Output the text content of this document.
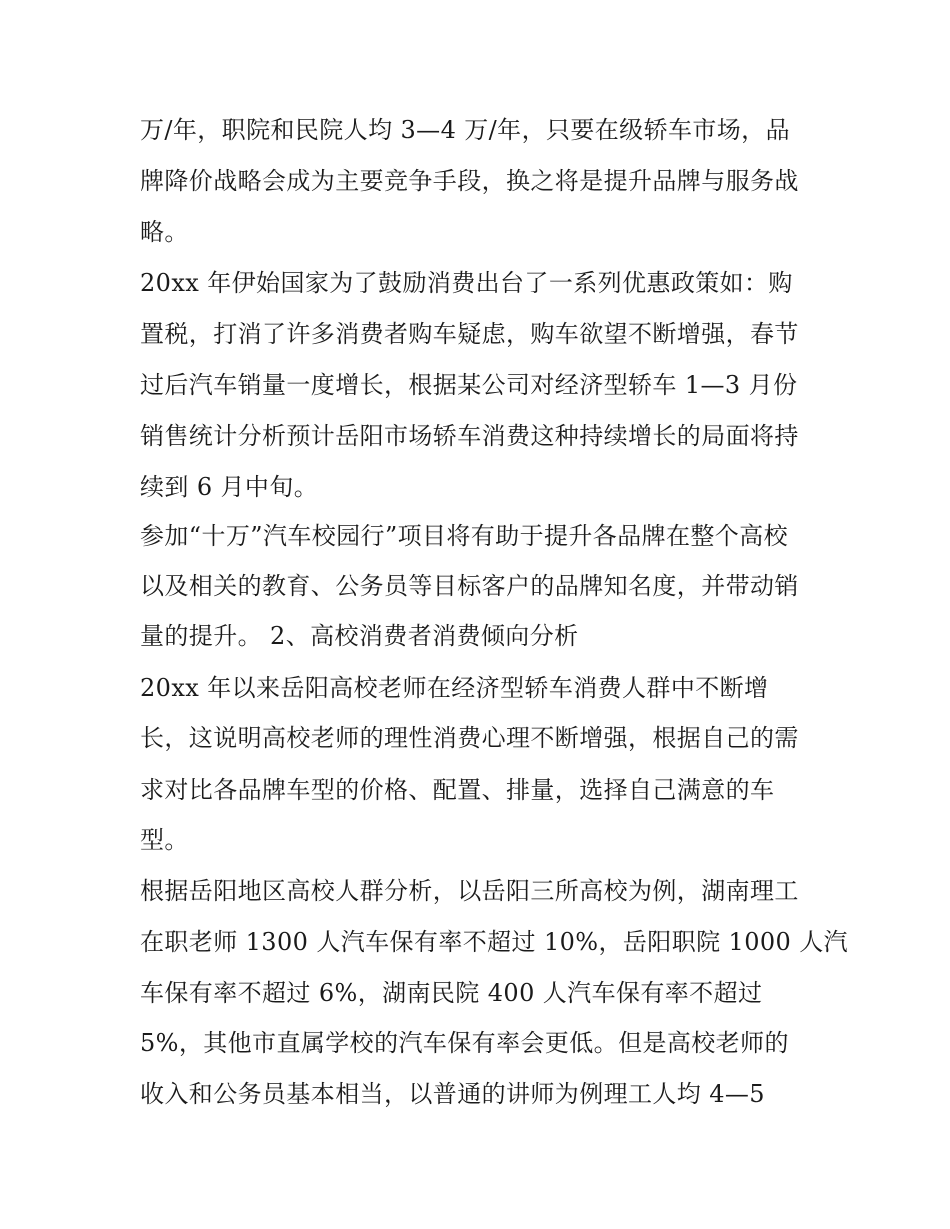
万/年，职院和民院人均 3—4 万/年，只要在级轿车市场，品

牌降价战略会成为主要竞争手段，换之将是提升品牌与服务战

略。

20xx 年伊始国家为了鼓励消费出台了一系列优惠政策如：购

置税，打消了许多消费者购车疑虑，购车欲望不断增强，春节

过后汽车销量一度增长，根据某公司对经济型轿车 1—3 月份

销售统计分析预计岳阳市场轿车消费这种持续增长的局面将持

续到 6 月中旬。

参加“十万”汽车校园行”项目将有助于提升各品牌在整个高校

以及相关的教育、公务员等目标客户的品牌知名度，并带动销

量的提升。 2、高校消费者消费倾向分析

20xx 年以来岳阳高校老师在经济型轿车消费人群中不断增

长，这说明高校老师的理性消费心理不断增强，根据自己的需

求对比各品牌车型的价格、配置、排量，选择自己满意的车

型。

根据岳阳地区高校人群分析，以岳阳三所高校为例，湖南理工

在职老师 1300 人汽车保有率不超过 10%，岳阳职院 1000 人汽

车保有率不超过 6%，湖南民院 400 人汽车保有率不超过

5%，其他市直属学校的汽车保有率会更低。但是高校老师的

收入和公务员基本相当，以普通的讲师为例理工人均 4—5
